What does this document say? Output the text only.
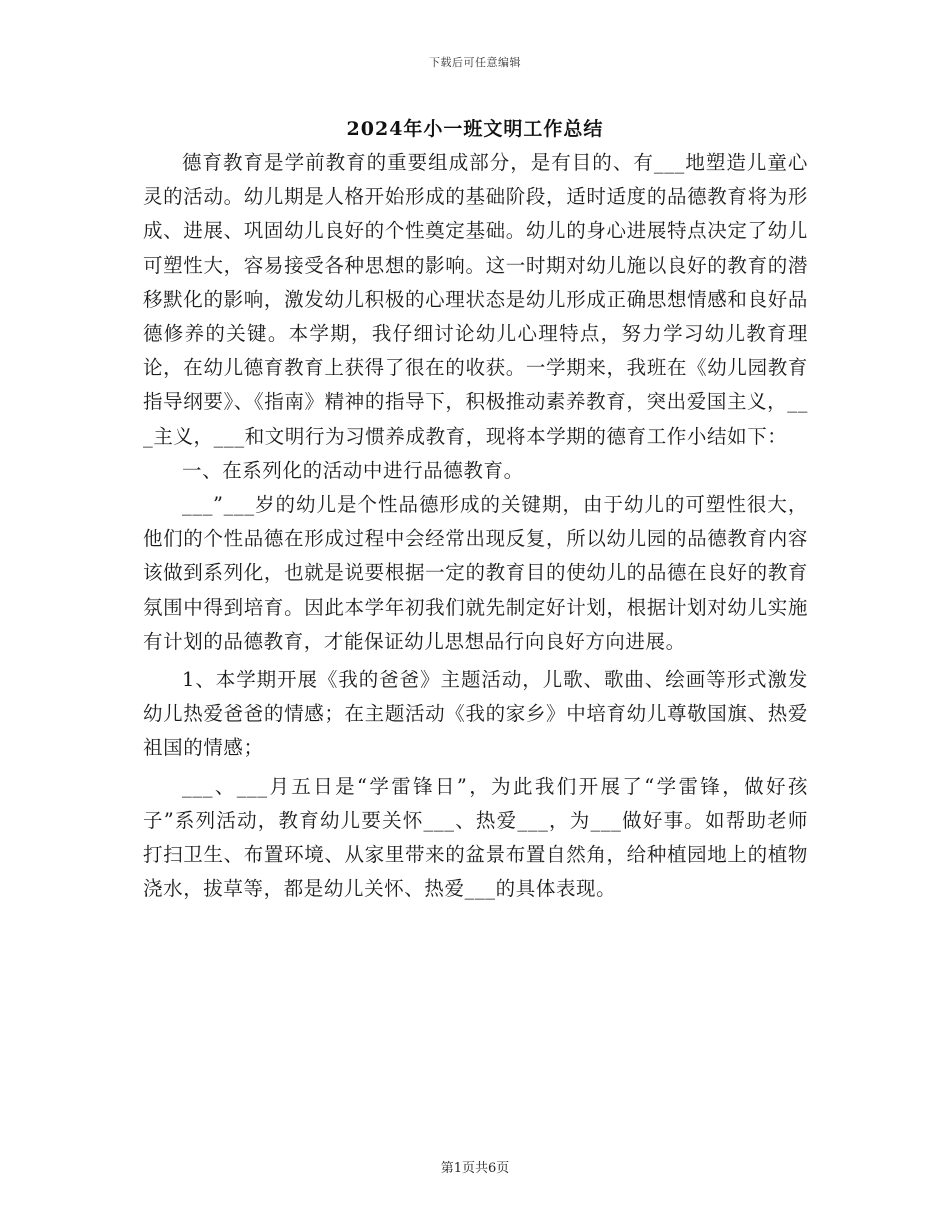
下载后可任意编辑
2024年小一班文明工作总结

德育教育是学前教育的重要组成部分，是有目的、有___地塑造儿童心灵的活动。幼儿期是人格开始形成的基础阶段，适时适度的品德教育将为形成、进展、巩固幼儿良好的个性奠定基础。幼儿的身心进展特点决定了幼儿可塑性大，容易接受各种思想的影响。这一时期对幼儿施以良好的教育的潜移默化的影响，激发幼儿积极的心理状态是幼儿形成正确思想情感和良好品德修养的关键。本学期，我仔细讨论幼儿心理特点，努力学习幼儿教育理论，在幼儿德育教育上获得了很在的收获。一学期来，我班在《幼儿园教育指导纲要》、《指南》精神的指导下，积极推动素养教育，突出爱国主义，___主义，___和文明行为习惯养成教育，现将本学期的德育工作小结如下：

一、在系列化的活动中进行品德教育。

___”___岁的幼儿是个性品德形成的关键期，由于幼儿的可塑性很大，他们的个性品德在形成过程中会经常出现反复，所以幼儿园的品德教育内容该做到系列化，也就是说要根据一定的教育目的使幼儿的品德在良好的教育氛围中得到培育。因此本学年初我们就先制定好计划，根据计划对幼儿实施有计划的品德教育，才能保证幼儿思想品行向良好方向进展。

1、本学期开展《我的爸爸》主题活动，儿歌、歌曲、绘画等形式激发幼儿热爱爸爸的情感；在主题活动《我的家乡》中培育幼儿尊敬国旗、热爱祖国的情感；

___、___月五日是“学雷锋日”，为此我们开展了“学雷锋，做好孩子”系列活动，教育幼儿要关怀___、热爱___，为___做好事。如帮助老师打扫卫生、布置环境、从家里带来的盆景布置自然角，给种植园地上的植物浇水，拔草等，都是幼儿关怀、热爱___的具体表现。

第1页共6页
